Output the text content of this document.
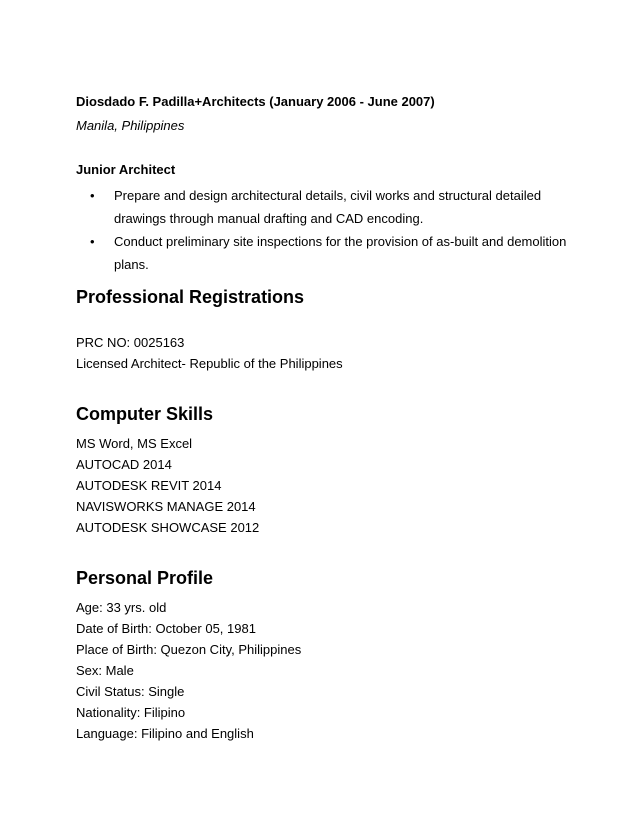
Diosdado F. Padilla+Architects (January 2006 - June 2007)

Manila, Philippines

Junior Architect

• Prepare and design architectural details, civil works and structural detailed
drawings through manual drafting and CAD encoding.
• Conduct preliminary site inspections for the provision of as-built and demolition
plans.
Professional Registrations

PRC NO: 0025163

Licensed Architect- Republic of the Philippines

Computer Skills

MS Word, MS Excel

AUTOCAD 2014

AUTODESK REVIT 2014

NAVISWORKS MANAGE 2014

AUTODESK SHOWCASE 2012

Personal Profile

Age: 33 yrs. old

Date of Birth: October 05, 1981

Place of Birth: Quezon City, Philippines

Sex: Male

Civil Status: Single

Nationality: Filipino

Language: Filipino and English
